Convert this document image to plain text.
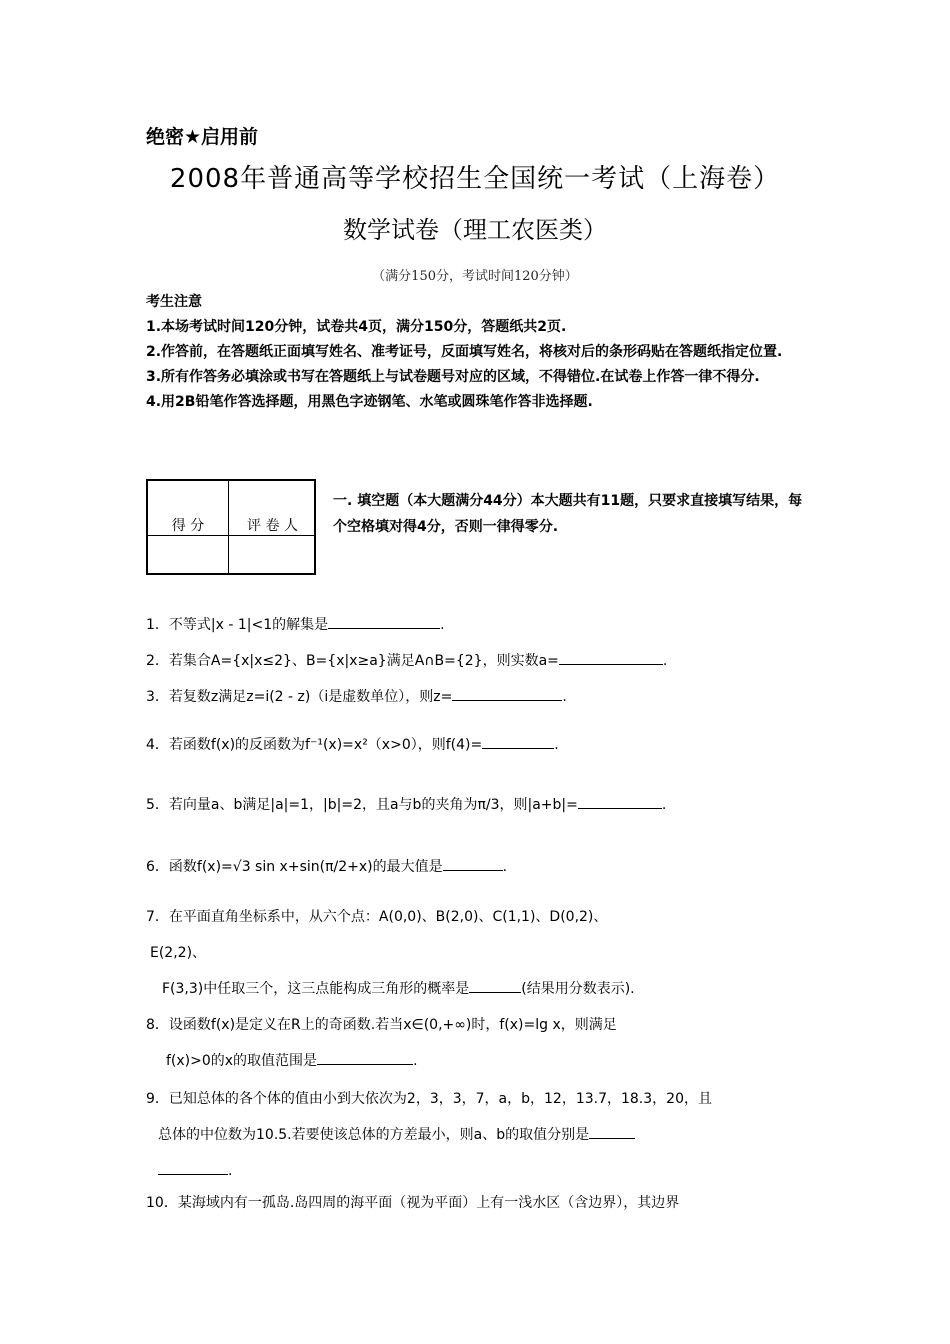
绝密★启用前
2008年普通高等学校招生全国统一考试（上海卷）
数学试卷（理工农医类）
（满分150分，考试时间120分钟）
考生注意
1.本场考试时间120分钟，试卷共4页，满分150分，答题纸共2页.
2.作答前，在答题纸正面填写姓名、准考证号，反面填写姓名，将核对后的条形码贴在答题纸指定位置.
3.所有作答务必填涂或书写在答题纸上与试卷题号对应的区域，不得错位.在试卷上作答一律不得分.
4.用2B铅笔作答选择题，用黑色字迹钢笔、水笔或圆珠笔作答非选择题.
得 分	评 卷 人
一. 填空题（本大题满分44分）本大题共有11题，只要求直接填写结果，每个空格填对得4分，否则一律得零分.
1．不等式|x - 1|<1的解集是	.
2．若集合A={x|x≤2}、B={x|x≥a}满足A∩B={2}，则实数a=	.
3．若复数z满足z=i(2 - z)（i是虚数单位），则z=	.
4．若函数f(x)的反函数为f⁻¹(x)=x²（x>0），则f(4)=	.
5．若向量a、b满足|a|=1，|b|=2，且a与b的夹角为π/3，则|a+b|=	.
6．函数f(x)=√3 sin x+sin(π/2+x)的最大值是	.
7．在平面直角坐标系中，从六个点：A(0,0)、B(2,0)、C(1,1)、D(0,2)、
E(2,2)、
F(3,3)中任取三个，这三点能构成三角形的概率是	(结果用分数表示).
8．设函数f(x)是定义在R上的奇函数.若当x∈(0,+∞)时，f(x)=lg x，则满足
f(x)>0的x的取值范围是	.
9．已知总体的各个体的值由小到大依次为2，3，3，7，a，b，12，13.7，18.3，20，且
总体的中位数为10.5.若要使该总体的方差最小，则a、b的取值分别是
.
10．某海域内有一孤岛.岛四周的海平面（视为平面）上有一浅水区（含边界），其边界
